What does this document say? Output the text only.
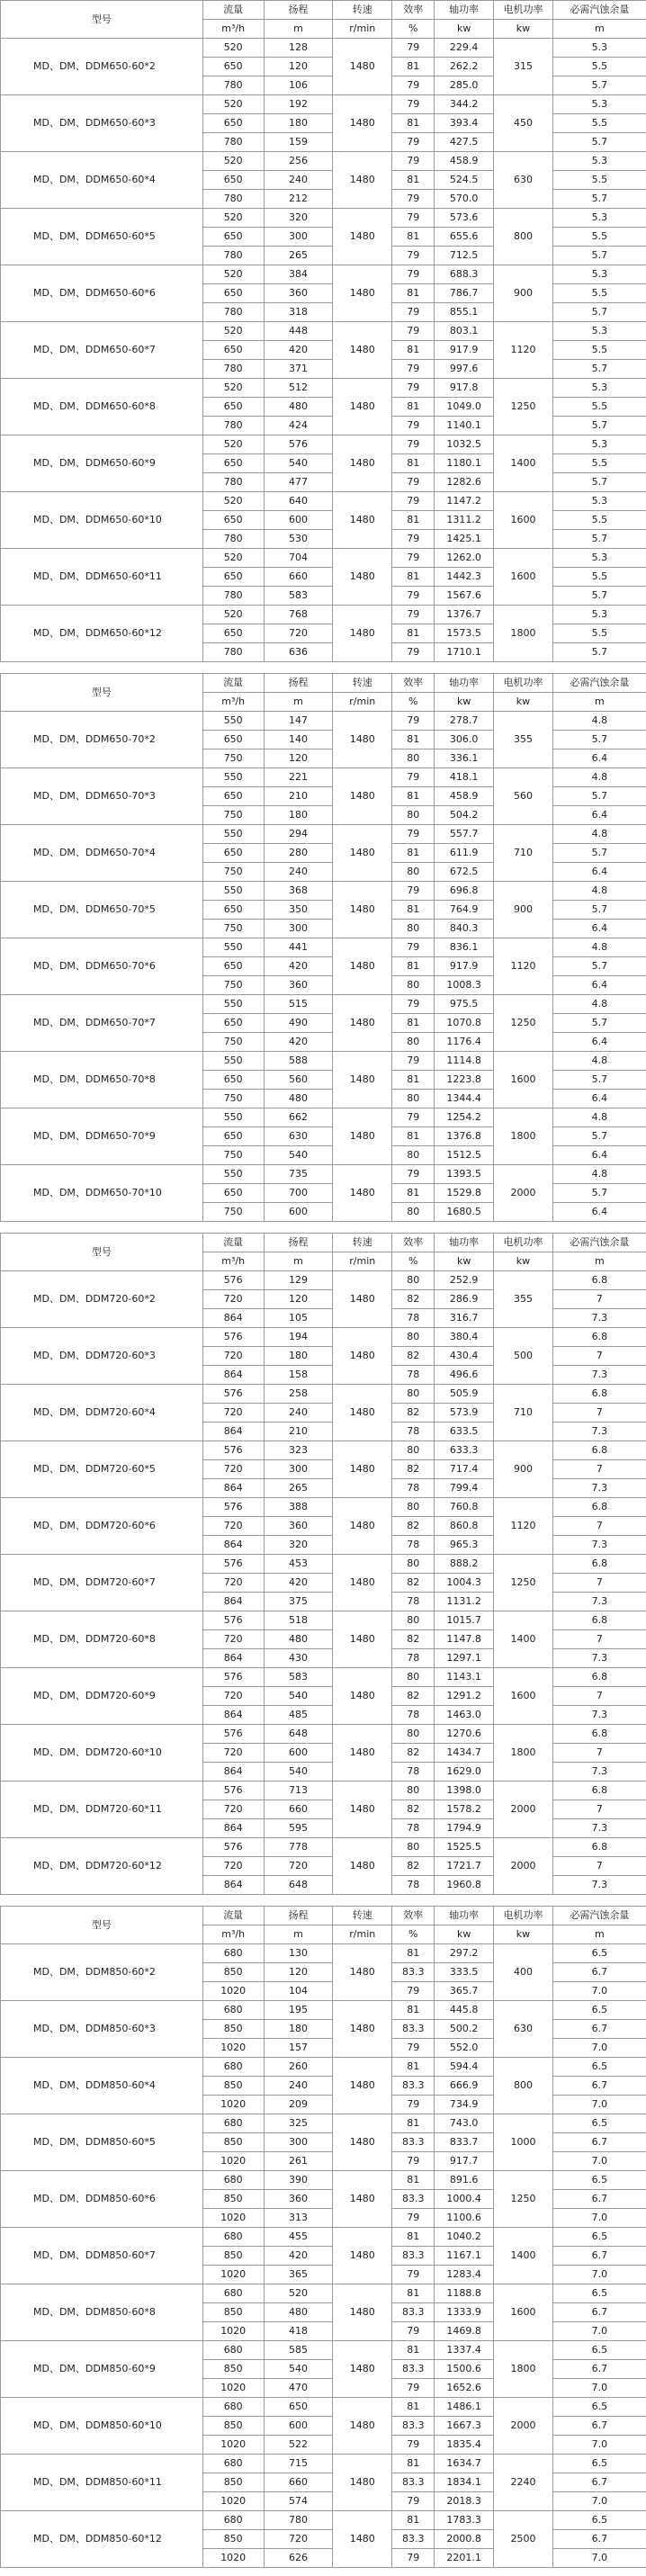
型号	流量	扬程	转速	效率	轴功率	电机功率	必需汽蚀余量
	m³/h	m	r/min	%	kw	kw	m
MD、DM、DDM650-60*2	520	128	1480	79	229.4	315	5.3
	650	120		81	262.2		5.5
	780	106		79	285.0		5.7
MD、DM、DDM650-60*3	520	192	1480	79	344.2	450	5.3
	650	180		81	393.4		5.5
	780	159		79	427.5		5.7
MD、DM、DDM650-60*4	520	256	1480	79	458.9	630	5.3
	650	240		81	524.5		5.5
	780	212		79	570.0		5.7
MD、DM、DDM650-60*5	520	320	1480	79	573.6	800	5.3
	650	300		81	655.6		5.5
	780	265		79	712.5		5.7
MD、DM、DDM650-60*6	520	384	1480	79	688.3	900	5.3
	650	360		81	786.7		5.5
	780	318		79	855.1		5.7
MD、DM、DDM650-60*7	520	448	1480	79	803.1	1120	5.3
	650	420		81	917.9		5.5
	780	371		79	997.6		5.7
MD、DM、DDM650-60*8	520	512	1480	79	917.8	1250	5.3
	650	480		81	1049.0		5.5
	780	424		79	1140.1		5.7
MD、DM、DDM650-60*9	520	576	1480	79	1032.5	1400	5.3
	650	540		81	1180.1		5.5
	780	477		79	1282.6		5.7
MD、DM、DDM650-60*10	520	640	1480	79	1147.2	1600	5.3
	650	600		81	1311.2		5.5
	780	530		79	1425.1		5.7
MD、DM、DDM650-60*11	520	704	1480	79	1262.0	1600	5.3
	650	660		81	1442.3		5.5
	780	583		79	1567.6		5.7
MD、DM、DDM650-60*12	520	768	1480	79	1376.7	1800	5.3
	650	720		81	1573.5		5.5
	780	636		79	1710.1		5.7
型号	流量	扬程	转速	效率	轴功率	电机功率	必需汽蚀余量
	m³/h	m	r/min	%	kw	kw	m
MD、DM、DDM650-70*2	550	147	1480	79	278.7	355	4.8
	650	140		81	306.0		5.7
	750	120		80	336.1		6.4
MD、DM、DDM650-70*3	550	221	1480	79	418.1	560	4.8
	650	210		81	458.9		5.7
	750	180		80	504.2		6.4
MD、DM、DDM650-70*4	550	294	1480	79	557.7	710	4.8
	650	280		81	611.9		5.7
	750	240		80	672.5		6.4
MD、DM、DDM650-70*5	550	368	1480	79	696.8	900	4.8
	650	350		81	764.9		5.7
	750	300		80	840.3		6.4
MD、DM、DDM650-70*6	550	441	1480	79	836.1	1120	4.8
	650	420		81	917.9		5.7
	750	360		80	1008.3		6.4
MD、DM、DDM650-70*7	550	515	1480	79	975.5	1250	4.8
	650	490		81	1070.8		5.7
	750	420		80	1176.4		6.4
MD、DM、DDM650-70*8	550	588	1480	79	1114.8	1600	4.8
	650	560		81	1223.8		5.7
	750	480		80	1344.4		6.4
MD、DM、DDM650-70*9	550	662	1480	79	1254.2	1800	4.8
	650	630		81	1376.8		5.7
	750	540		80	1512.5		6.4
MD、DM、DDM650-70*10	550	735	1480	79	1393.5	2000	4.8
	650	700		81	1529.8		5.7
	750	600		80	1680.5		6.4
型号	流量	扬程	转速	效率	轴功率	电机功率	必需汽蚀余量
	m³/h	m	r/min	%	kw	kw	m
MD、DM、DDM720-60*2	576	129	1480	80	252.9	355	6.8
	720	120		82	286.9		7
	864	105		78	316.7		7.3
MD、DM、DDM720-60*3	576	194	1480	80	380.4	500	6.8
	720	180		82	430.4		7
	864	158		78	496.6		7.3
MD、DM、DDM720-60*4	576	258	1480	80	505.9	710	6.8
	720	240		82	573.9		7
	864	210		78	633.5		7.3
MD、DM、DDM720-60*5	576	323	1480	80	633.3	900	6.8
	720	300		82	717.4		7
	864	265		78	799.4		7.3
MD、DM、DDM720-60*6	576	388	1480	80	760.8	1120	6.8
	720	360		82	860.8		7
	864	320		78	965.3		7.3
MD、DM、DDM720-60*7	576	453	1480	80	888.2	1250	6.8
	720	420		82	1004.3		7
	864	375		78	1131.2		7.3
MD、DM、DDM720-60*8	576	518	1480	80	1015.7	1400	6.8
	720	480		82	1147.8		7
	864	430		78	1297.1		7.3
MD、DM、DDM720-60*9	576	583	1480	80	1143.1	1600	6.8
	720	540		82	1291.2		7
	864	485		78	1463.0		7.3
MD、DM、DDM720-60*10	576	648	1480	80	1270.6	1800	6.8
	720	600		82	1434.7		7
	864	540		78	1629.0		7.3
MD、DM、DDM720-60*11	576	713	1480	80	1398.0	2000	6.8
	720	660		82	1578.2		7
	864	595		78	1794.9		7.3
MD、DM、DDM720-60*12	576	778	1480	80	1525.5	2000	6.8
	720	720		82	1721.7		7
	864	648		78	1960.8		7.3
型号	流量	扬程	转速	效率	轴功率	电机功率	必需汽蚀余量
	m³/h	m	r/min	%	kw	kw	m
MD、DM、DDM850-60*2	680	130	1480	81	297.2	400	6.5
	850	120		83.3	333.5		6.7
	1020	104		79	365.7		7.0
MD、DM、DDM850-60*3	680	195	1480	81	445.8	630	6.5
	850	180		83.3	500.2		6.7
	1020	157		79	552.0		7.0
MD、DM、DDM850-60*4	680	260	1480	81	594.4	800	6.5
	850	240		83.3	666.9		6.7
	1020	209		79	734.9		7.0
MD、DM、DDM850-60*5	680	325	1480	81	743.0	1000	6.5
	850	300		83.3	833.7		6.7
	1020	261		79	917.7		7.0
MD、DM、DDM850-60*6	680	390	1480	81	891.6	1250	6.5
	850	360		83.3	1000.4		6.7
	1020	313		79	1100.6		7.0
MD、DM、DDM850-60*7	680	455	1480	81	1040.2	1400	6.5
	850	420		83.3	1167.1		6.7
	1020	365		79	1283.4		7.0
MD、DM、DDM850-60*8	680	520	1480	81	1188.8	1600	6.5
	850	480		83.3	1333.9		6.7
	1020	418		79	1469.8		7.0
MD、DM、DDM850-60*9	680	585	1480	81	1337.4	1800	6.5
	850	540		83.3	1500.6		6.7
	1020	470		79	1652.6		7.0
MD、DM、DDM850-60*10	680	650	1480	81	1486.1	2000	6.5
	850	600		83.3	1667.3		6.7
	1020	522		79	1835.4		7.0
MD、DM、DDM850-60*11	680	715	1480	81	1634.7	2240	6.5
	850	660		83.3	1834.1		6.7
	1020	574		79	2018.3		7.0
MD、DM、DDM850-60*12	680	780	1480	81	1783.3	2500	6.5
	850	720		83.3	2000.8		6.7
	1020	626		79	2201.1		7.0
